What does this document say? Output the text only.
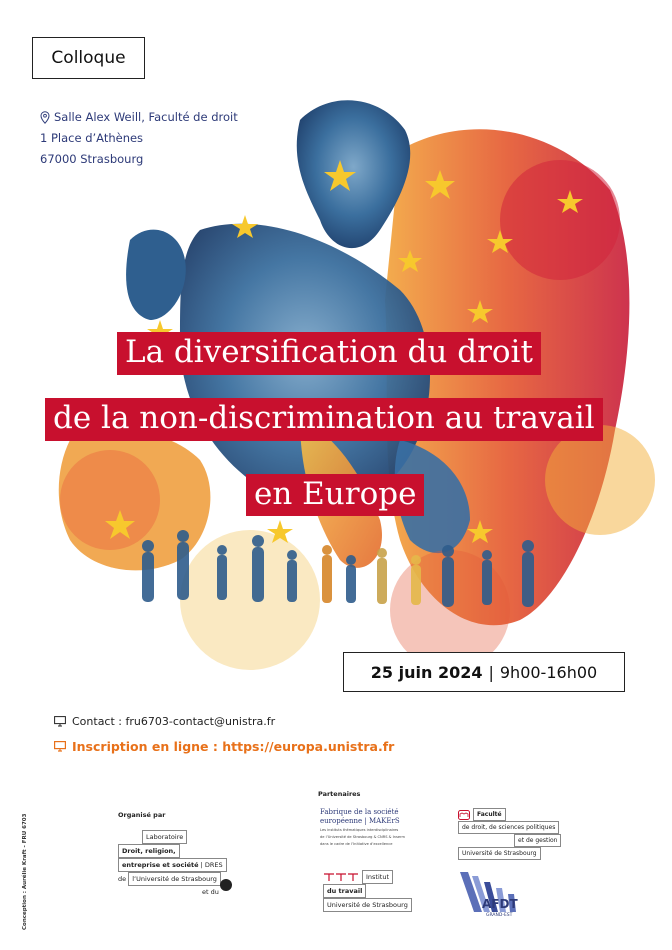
Colloque
Salle Alex Weill, Faculté de droit
1 Place d’Athènes
67000 Strasbourg
La diversification du droit
de la non-discrimination au travail
en Europe
25 juin 2024 | 9h00-16h00
Contact : fru6703-contact@unistra.fr
Inscription en ligne : https://europa.unistra.fr
Conception : Aurélie Kraft - FRU 6703	Organisé par
Laboratoire
Droit, religion,
entreprise et société | DRES
de l’Université de Strasbourg
et du
Partenaires
Fabrique de la société
européenne | MAKErS
Les instituts thématiques interdisciplinaires
de l’Université de Strasbourg & CNRS & Inserm
dans le cadre de l’Initiative d’excellence
Faculté
de droit, de sciences politiques
et de gestion
Université de Strasbourg
Institut
du travail
Université de Strasbourg	AFDT
GRAND-EST
